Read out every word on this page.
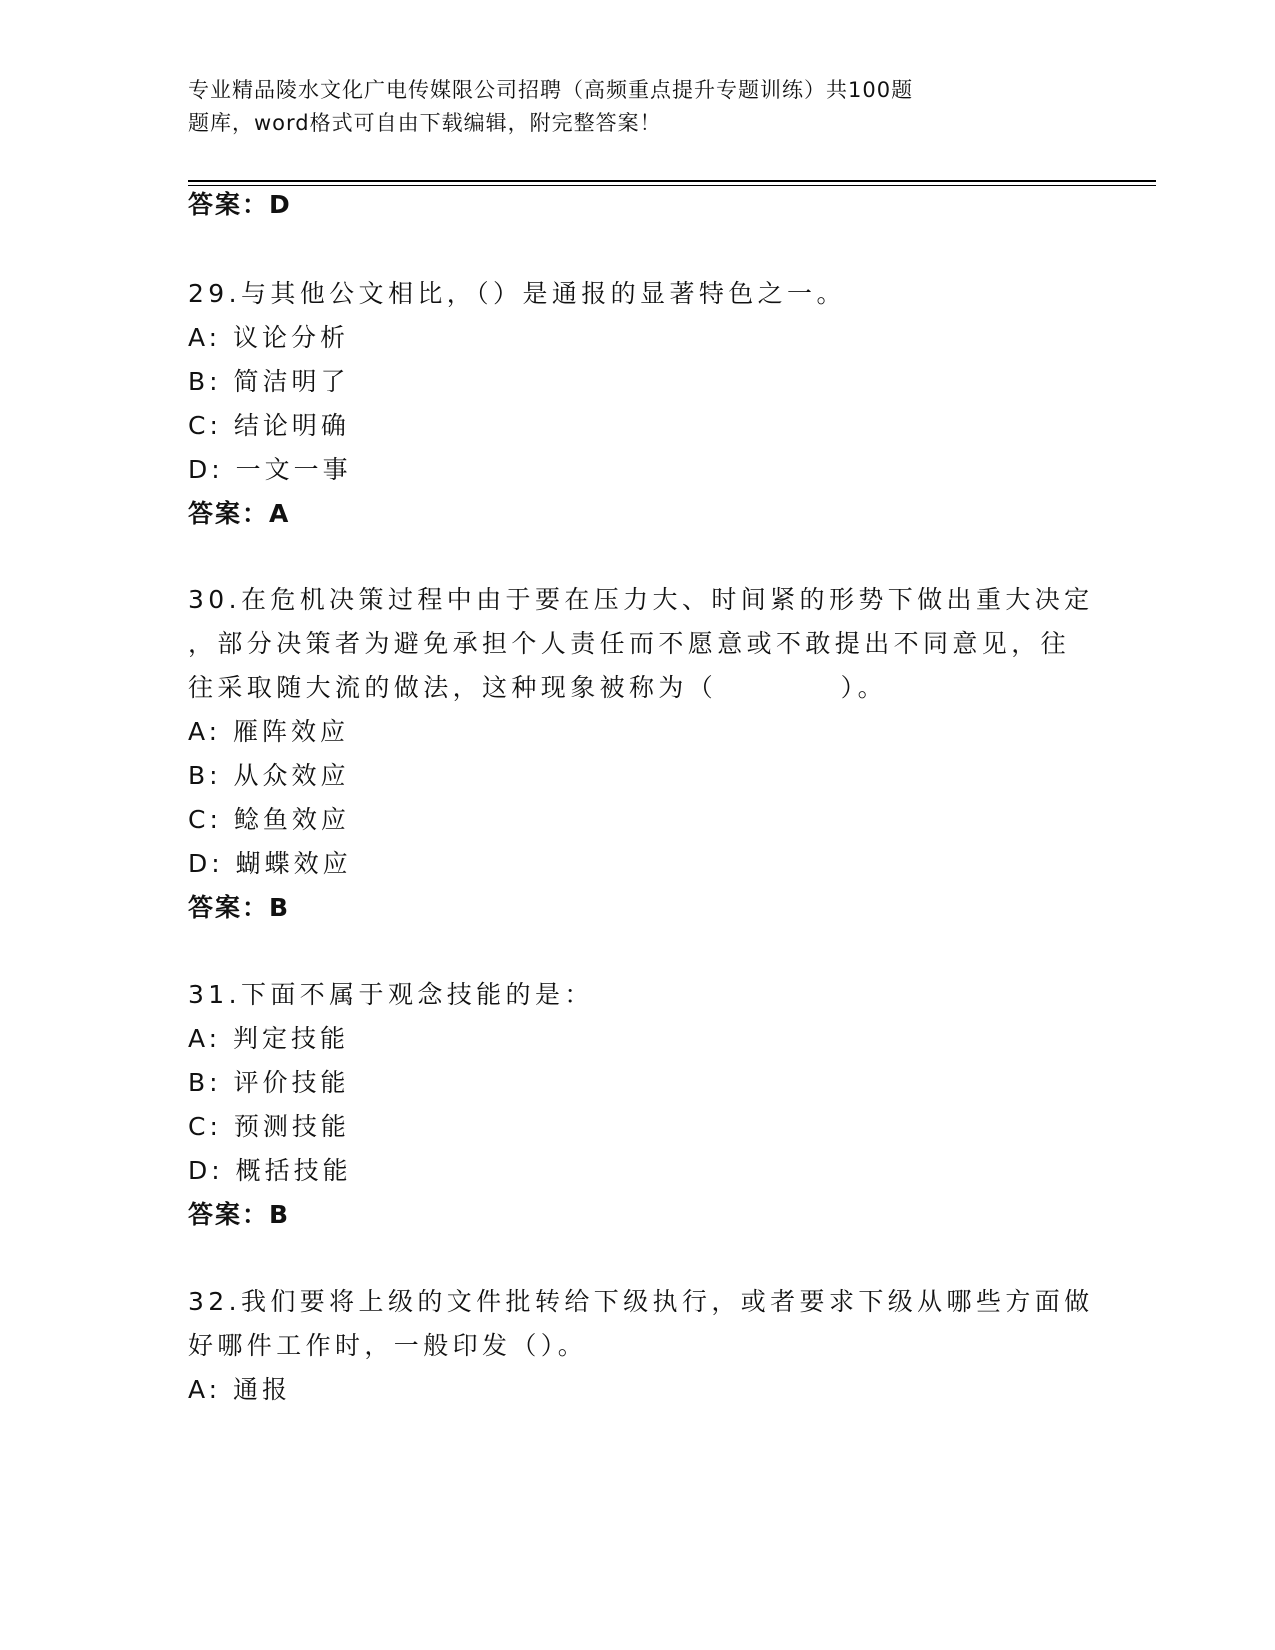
专业精品陵水文化广电传媒限公司招聘（高频重点提升专题训练）共100题
题库，word格式可自由下载编辑，附完整答案！
答案：D
29.与其他公文相比，（）是通报的显著特色之一。
A: 议论分析
B: 简洁明了
C: 结论明确
D: 一文一事
答案：A
30.在危机决策过程中由于要在压力大、时间紧的形势下做出重大决定
，部分决策者为避免承担个人责任而不愿意或不敢提出不同意见，往
往采取随大流的做法，这种现象被称为（          ）。
A: 雁阵效应
B: 从众效应
C: 鲶鱼效应
D: 蝴蝶效应
答案：B
31.下面不属于观念技能的是：
A: 判定技能
B: 评价技能
C: 预测技能
D: 概括技能
答案：B
32.我们要将上级的文件批转给下级执行，或者要求下级从哪些方面做
好哪件工作时，一般印发（）。
A: 通报
